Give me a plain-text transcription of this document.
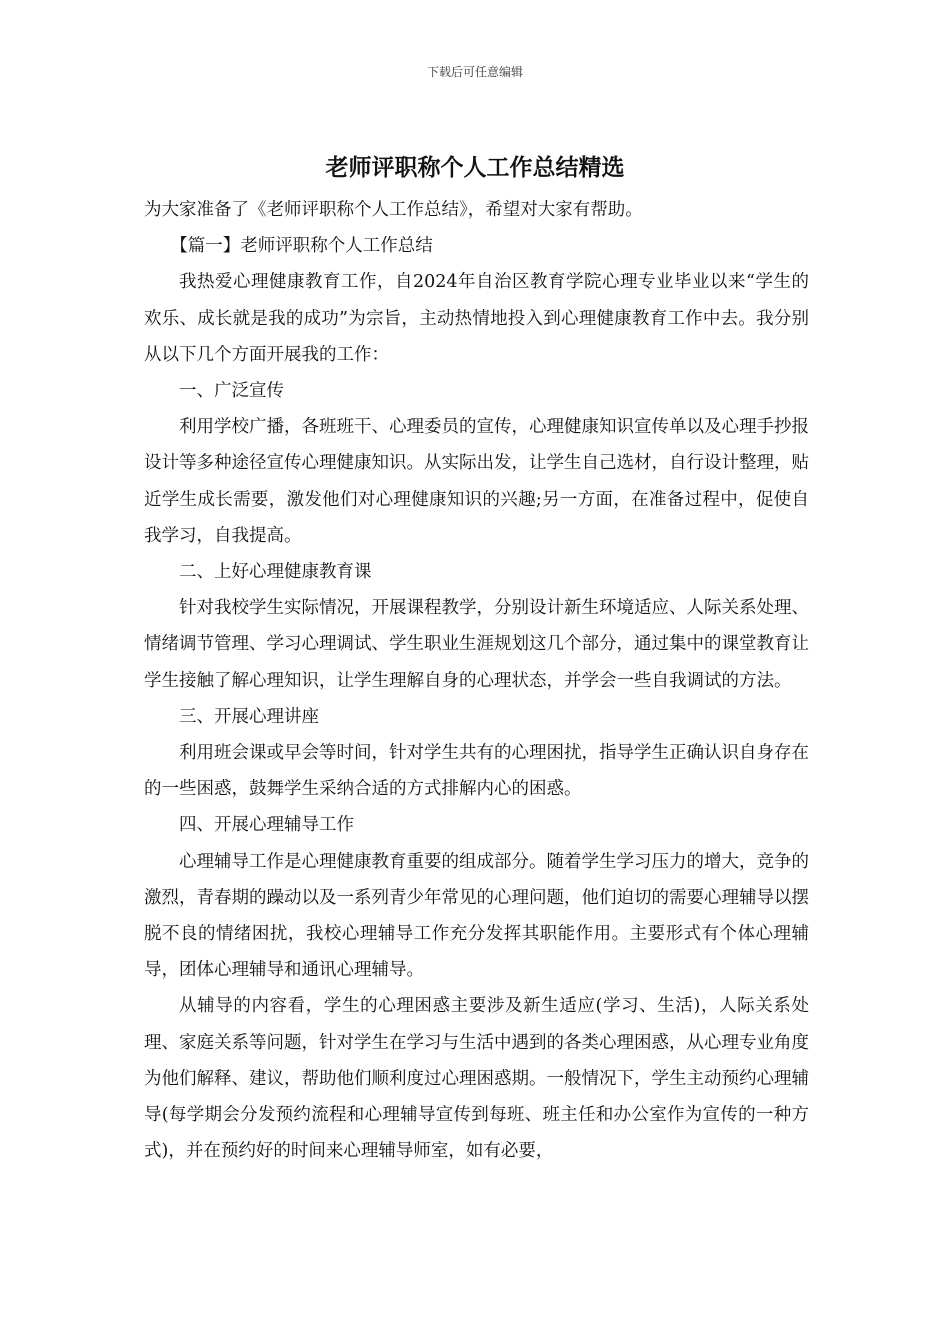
下载后可任意编辑
老师评职称个人工作总结精选

为大家准备了《老师评职称个人工作总结》，希望对大家有帮助。

【篇一】老师评职称个人工作总结

我热爱心理健康教育工作，自2024年自治区教育学院心理专业毕业以来“学生的欢乐、成长就是我的成功”为宗旨，主动热情地投入到心理健康教育工作中去。我分别从以下几个方面开展我的工作：

一、广泛宣传

利用学校广播，各班班干、心理委员的宣传，心理健康知识宣传单以及心理手抄报设计等多种途径宣传心理健康知识。从实际出发，让学生自己选材，自行设计整理，贴近学生成长需要，激发他们对心理健康知识的兴趣;另一方面，在准备过程中，促使自我学习，自我提高。

二、上好心理健康教育课

针对我校学生实际情况，开展课程教学，分别设计新生环境适应、人际关系处理、情绪调节管理、学习心理调试、学生职业生涯规划这几个部分，通过集中的课堂教育让学生接触了解心理知识，让学生理解自身的心理状态，并学会一些自我调试的方法。

三、开展心理讲座

利用班会课或早会等时间，针对学生共有的心理困扰，指导学生正确认识自身存在的一些困惑，鼓舞学生采纳合适的方式排解内心的困惑。

四、开展心理辅导工作

心理辅导工作是心理健康教育重要的组成部分。随着学生学习压力的增大，竞争的激烈，青春期的躁动以及一系列青少年常见的心理问题，他们迫切的需要心理辅导以摆脱不良的情绪困扰，我校心理辅导工作充分发挥其职能作用。主要形式有个体心理辅导，团体心理辅导和通讯心理辅导。

从辅导的内容看，学生的心理困惑主要涉及新生适应(学习、生活)，人际关系处理、家庭关系等问题，针对学生在学习与生活中遇到的各类心理困惑，从心理专业角度为他们解释、建议，帮助他们顺利度过心理困惑期。一般情况下，学生主动预约心理辅导(每学期会分发预约流程和心理辅导宣传到每班、班主任和办公室作为宣传的一种方式)，并在预约好的时间来心理辅导师室，如有必要，
